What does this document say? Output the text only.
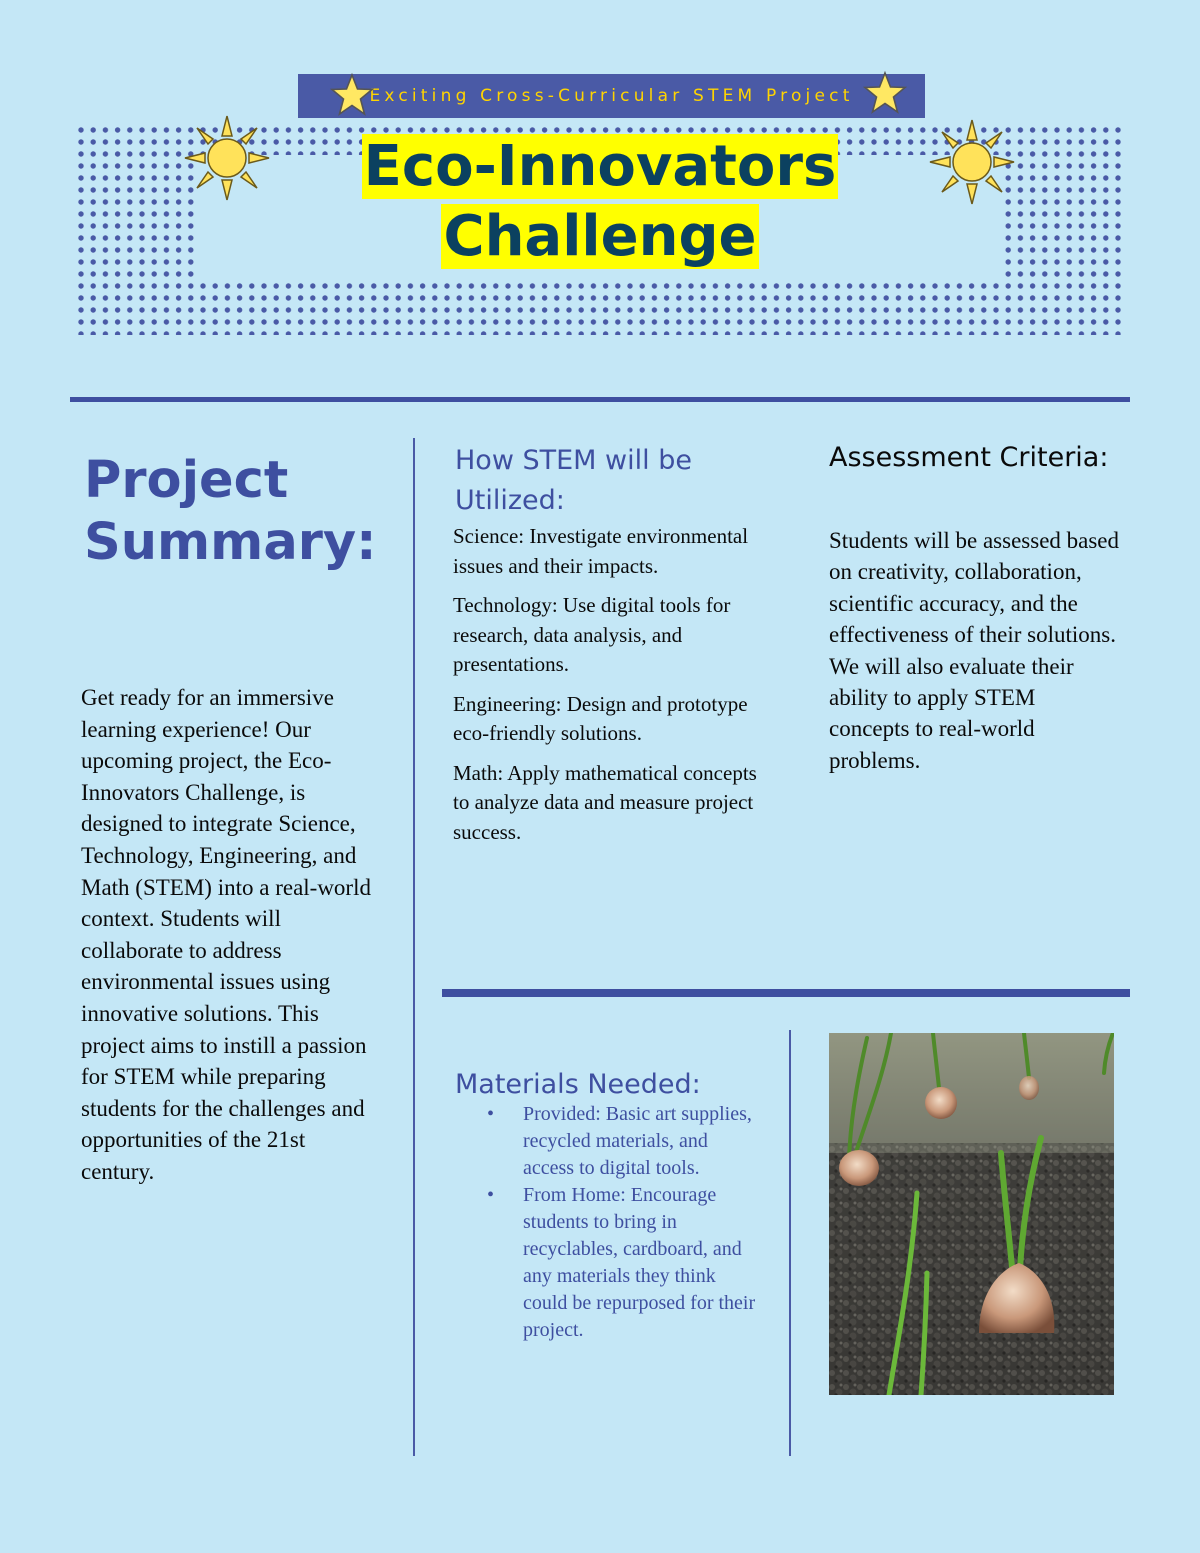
Exciting Cross-Curricular STEM Project
Eco-Innovators
Challenge
Project Summary:
Get ready for an immersive learning experience! Our upcoming project, the Eco-Innovators Challenge, is designed to integrate Science, Technology, Engineering, and Math (STEM) into a real-world context. Students will collaborate to address environmental issues using innovative solutions. This project aims to instill a passion for STEM while preparing students for the challenges and opportunities of the 21st century.
How STEM will be Utilized:

Science: Investigate environmental issues and their impacts.

Technology: Use digital tools for research, data analysis, and presentations.

Engineering: Design and prototype eco-friendly solutions.

Math: Apply mathematical concepts to analyze data and measure project success.

Assessment Criteria:
Students will be assessed based on creativity, collaboration, scientific accuracy, and the effectiveness of their solutions. We will also evaluate their ability to apply STEM concepts to real-world problems.
Materials Needed:
• Provided: Basic art supplies, recycled materials, and access to digital tools.
• From Home: Encourage students to bring in recyclables, cardboard, and any materials they think could be repurposed for their project.
